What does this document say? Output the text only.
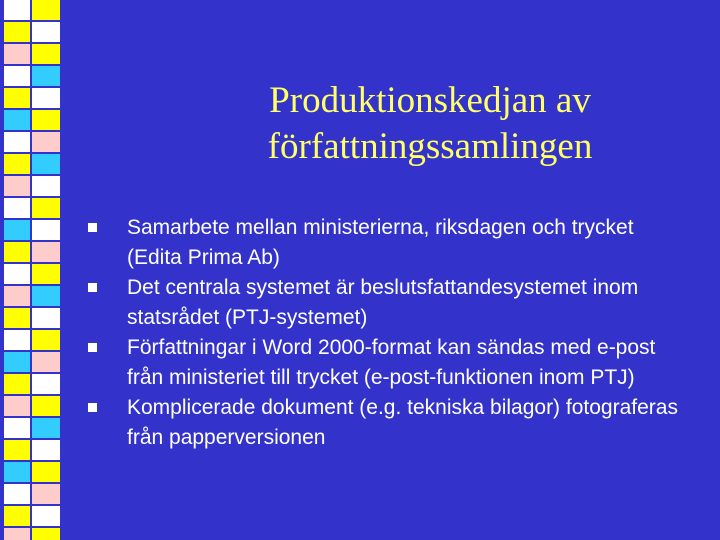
Produktionskedjan av
författningssamlingen
Samarbete mellan ministerierna, riksdagen och trycket (Edita Prima Ab)
Det centrala systemet är beslutsfattandesystemet inom statsrådet (PTJ-systemet)
Författningar i Word 2000-format kan sändas med e-post från ministeriet till trycket (e-post-funktionen inom PTJ)
Komplicerade dokument (e.g. tekniska bilagor) fotograferas från papperversionen
